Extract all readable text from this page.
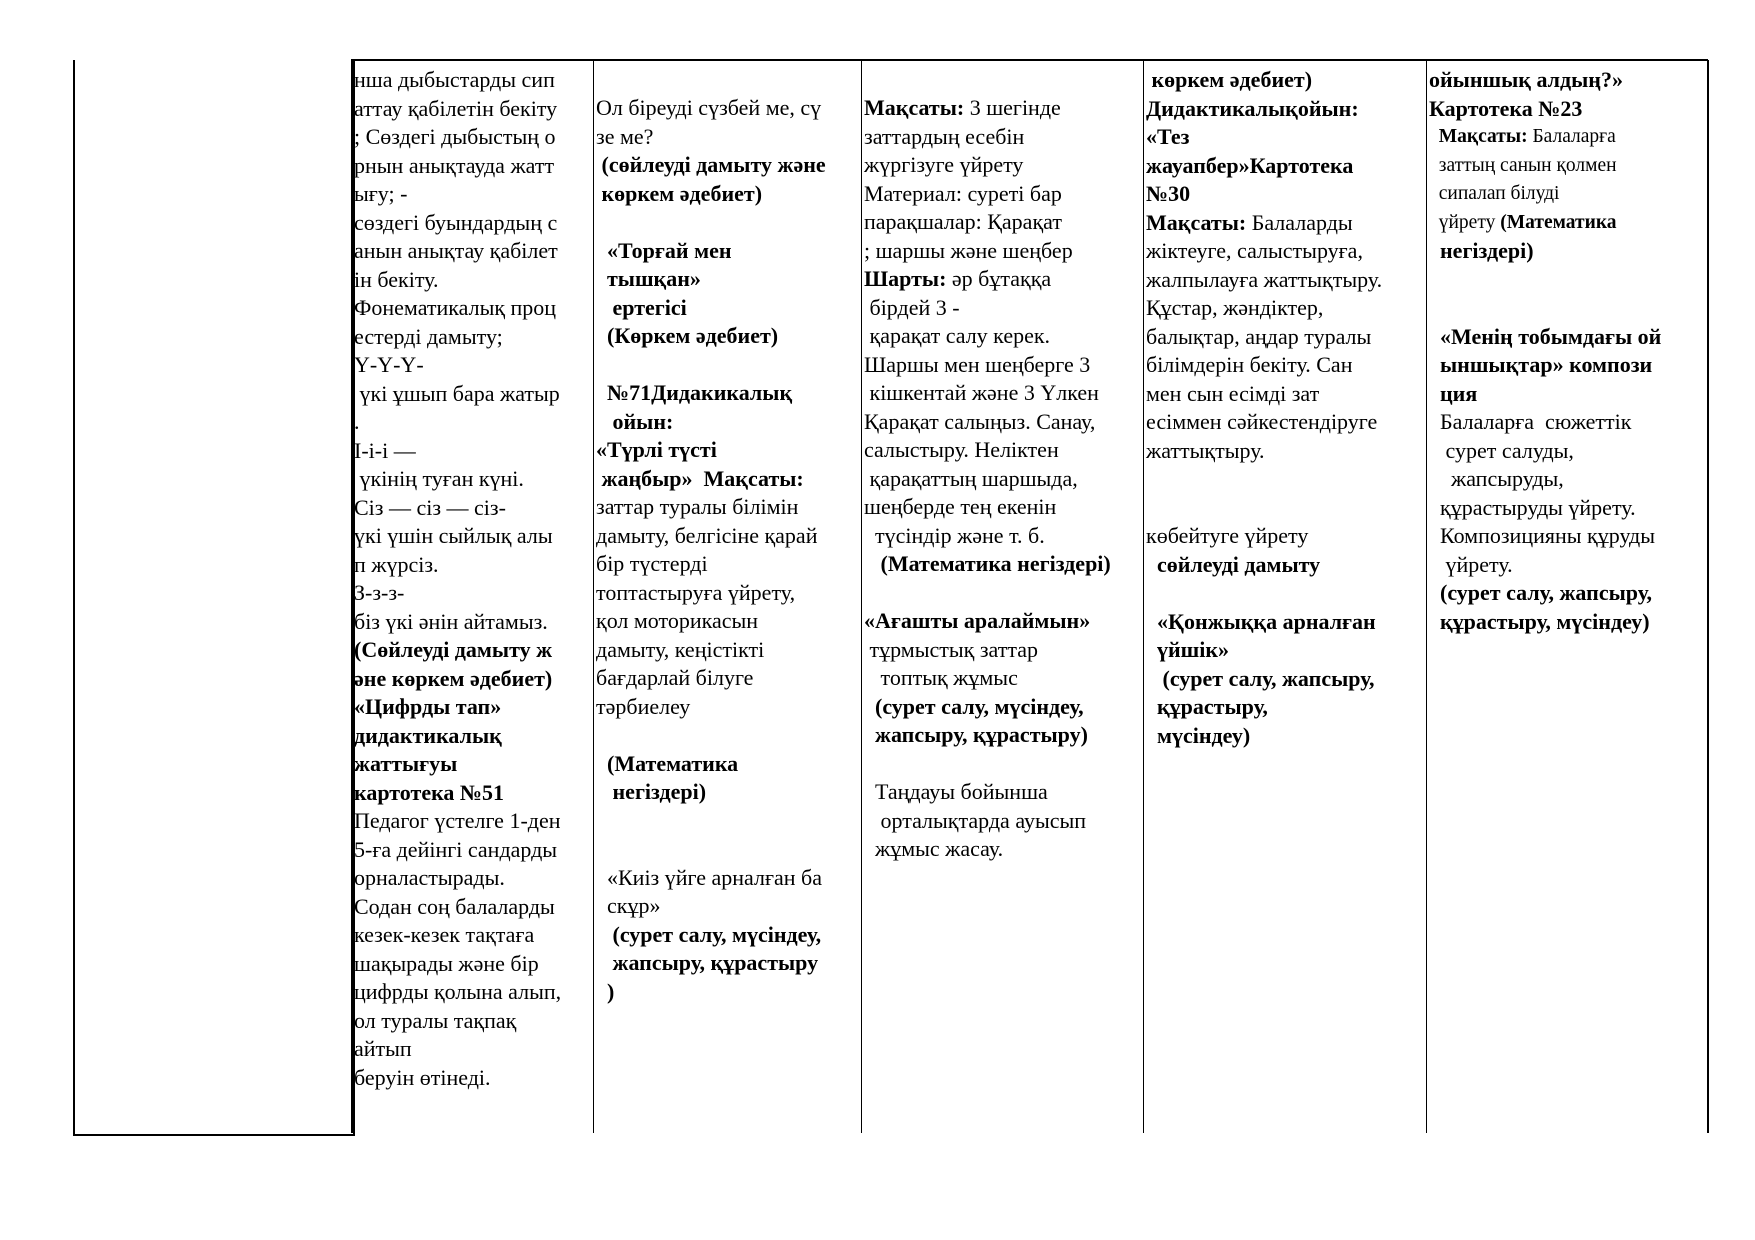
нша дыбыстарды сип
аттау қабілетін бекіту
; Сөздегі дыбыстың о
рнын анықтауда жатт
ығу; -
сөздегі буындардың с
анын анықтау қабілет
ін бекіту.
Фонематикалық проц
естерді дамыту;
Ү-Ү-Ү-
үкі ұшып бара жатыр
.
І-і-і —
үкінің туған күні.
Сіз — сіз — сіз-
үкі үшін сыйлық алы
п жүрсіз.
З-з-з-
біз үкі әнін айтамыз.
(Сөйлеуді дамыту ж
әне көркем әдебиет)
«Цифрды тап»
дидактикалық
жаттығуы
картотека №51
Педагог үстелге 1-ден
5-ға дейінгі сандарды
орналастырады.
Содан соң балаларды
кезек-кезек тақтаға
шақырады және бір
цифрды қолына алып,
ол туралы тақпақ
айтып
беруін өтінеді.
Ол біреуді сүзбей ме, сү
зе ме?
(сөйлеуді дамыту және
көркем әдебиет)
«Торғай мен
тышқан»
ертегісі
(Көркем әдебиет)
№71Дидакикалық
ойын:
«Түрлі түсті
жаңбыр»  Мақсаты:
заттар туралы білімін
дамыту, белгісіне қарай
бір түстерді
топтастыруға үйрету,
қол моторикасын
дамыту, кеңістікті
бағдарлай білуге
тәрбиелеу
(Математика
негіздері)
«Киіз үйге арналған ба
скұр»
(сурет салу, мүсіндеу,
жапсыру, құрастыру
)
Мақсаты: 3 шегінде
заттардың есебін
жүргізуге үйрету
Материал: суреті бар
парақшалар: Қарақат
; шаршы және шеңбер
Шарты: әр бұтаққа
бірдей 3 -
қарақат салу керек.
Шаршы мен шеңберге 3
кішкентай және 3 Үлкен
Қарақат салыңыз. Санау,
салыстыру. Неліктен
қарақаттың шаршыда,
шеңберде тең екенін
түсіндір және т. б.
(Математика негіздері)
«Ағашты аралаймын»
тұрмыстық заттар
топтық жұмыс
(сурет салу, мүсіндеу,
жапсыру, құрастыру)
Таңдауы бойынша
орталықтарда ауысып
жұмыс жасау.
көркем әдебиет)
Дидактикалықойын:
«Тез
жауапбер»Картотека
№30
Мақсаты: Балаларды
жіктеуге, салыстыруға,
жалпылауға жаттықтыру.
Құстар, жәндіктер,
балықтар, аңдар туралы
білімдерін бекіту. Сан
мен сын есімді зат
есіммен сәйкестендіруге
жаттықтыру.
көбейтуге үйрету
сөйлеуді дамыту
«Қонжыққа арналған
үйшік»
(сурет салу, жапсыру,
құрастыру,
мүсіндеу)
ойыншық алдың?»
Картотека №23
Мақсаты: Балаларға
заттың санын қолмен
сипалап білуді
үйрету (Математика
негіздері)
«Менің тобымдағы ой
ыншықтар» компози
ция
Балаларға  сюжеттік
сурет салуды,
жапсыруды,
құрастыруды үйрету.
Композицияны құруды
үйрету.
(сурет салу, жапсыру,
құрастыру, мүсіндеу)
